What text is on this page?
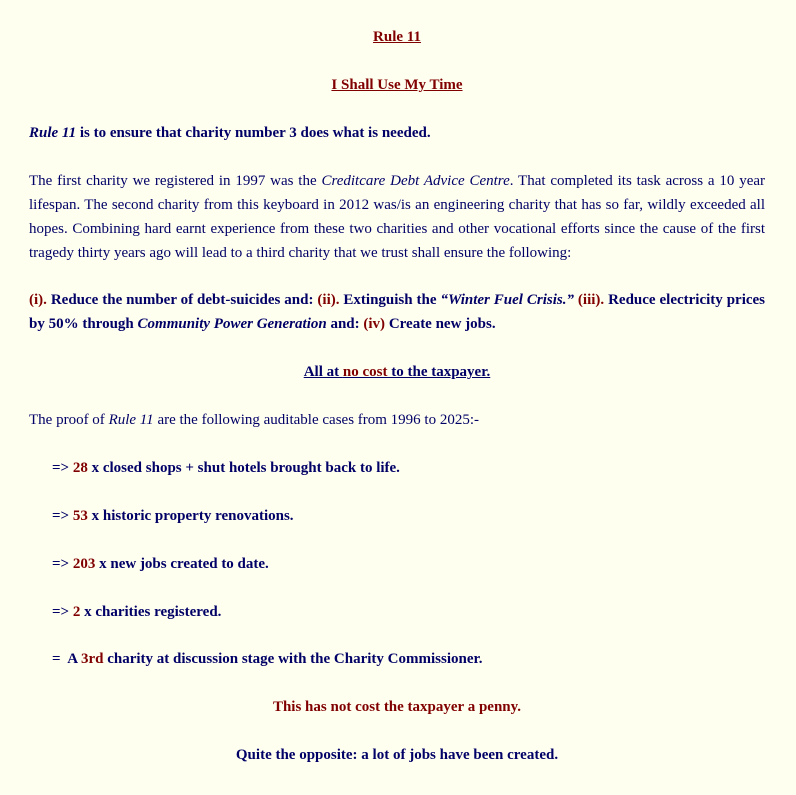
Rule 11
I Shall Use My Time
Rule 11 is to ensure that charity number 3 does what is needed.
The first charity we registered in 1997 was the Creditcare Debt Advice Centre. That completed its task across a 10 year lifespan. The second charity from this keyboard in 2012 was/is an engineering charity that has so far, wildly exceeded all hopes. Combining hard earnt experience from these two charities and other vocational efforts since the cause of the first tragedy thirty years ago will lead to a third charity that we trust shall ensure the following:
(i). Reduce the number of debt-suicides and: (ii). Extinguish the “Winter Fuel Crisis.” (iii). Reduce electricity prices by 50% through Community Power Generation and: (iv) Create new jobs.
All at no cost to the taxpayer.
The proof of Rule 11 are the following auditable cases from 1996 to 2025:-
=> 28 x closed shops + shut hotels brought back to life.
=> 53 x historic property renovations.
=> 203 x new jobs created to date.
=> 2 x charities registered.
=  A 3rd charity at discussion stage with the Charity Commissioner.
This has not cost the taxpayer a penny.
Quite the opposite: a lot of jobs have been created.
